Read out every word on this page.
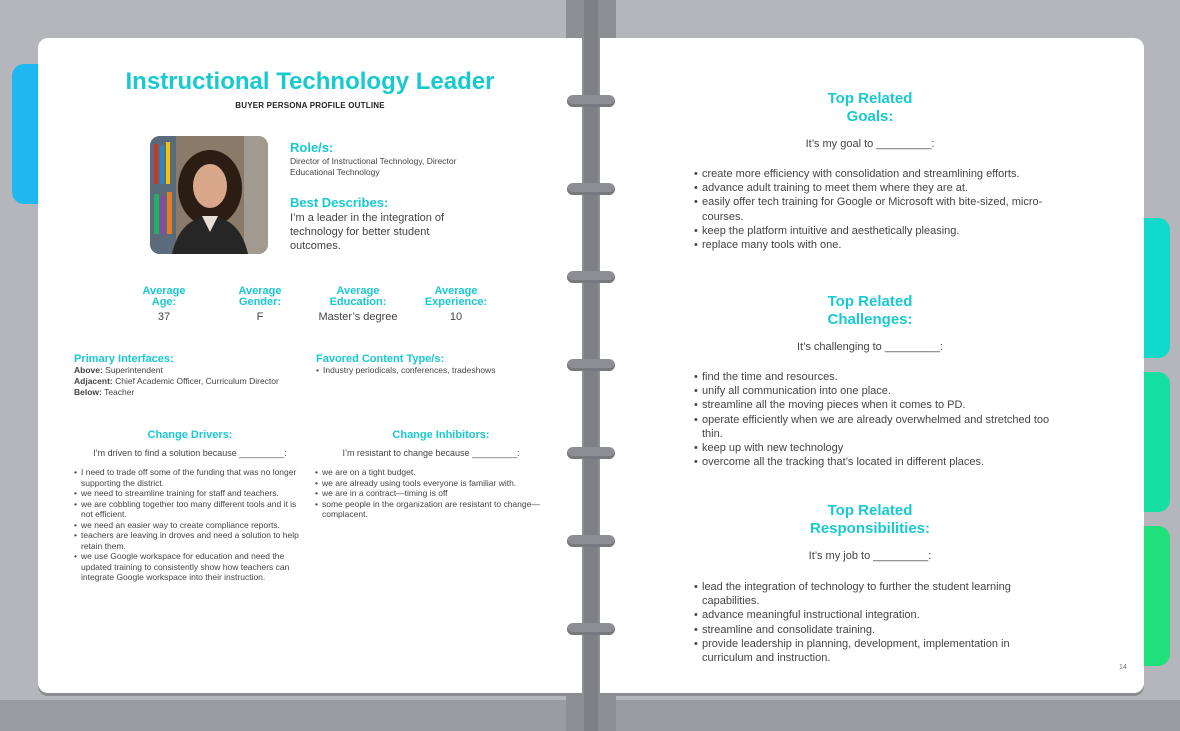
Instructional Technology Leader
BUYER PERSONA PROFILE OUTLINE
Role/s:
Director of Instructional Technology, Director Educational Technology
Best Describes:
I’m a leader in the integration of technology for better student outcomes.
Average
Age:
37
Average
Gender:
F
Average
Education:
Master’s degree
Average
Experience:
10
Primary Interfaces:
Above: Superintendent
Adjacent: Chief Academic Officer, Curriculum Director
Below: Teacher
Favored Content Type/s:
• Industry periodicals, conferences, tradeshows
Change Drivers:
I’m driven to find a solution because _________:
• I need to trade off some of the funding that was no longer supporting the district.
• we need to streamline training for staff and teachers.
• we are cobbling together too many different tools and it is not efficient.
• we need an easier way to create compliance reports.
• teachers are leaving in droves and need a solution to help retain them.
• we use Google workspace for education and need the updated training to consistently show how teachers can integrate Google workspace into their instruction.
Change Inhibitors:
I’m resistant to change because _________:
• we are on a tight budget.
• we are already using tools everyone is familiar with.
• we are in a contract—timing is off
• some people in the organization are resistant to change—complacent.
Top Related
Goals:
It’s my goal to _________:
• create more efficiency with consolidation and streamlining efforts.
• advance adult training to meet them where they are at.
• easily offer tech training for Google or Microsoft with bite-sized, micro-courses.
• keep the platform intuitive and aesthetically pleasing.
• replace many tools with one.
Top Related
Challenges:
It’s challenging to _________:
• find the time and resources.
• unify all communication into one place.
• streamline all the moving pieces when it comes to PD.
• operate efficiently when we are already overwhelmed and stretched too thin.
• keep up with new technology
• overcome all the tracking that’s located in different places.
Top Related
Responsibilities:
It’s my job to _________:
• lead the integration of technology to further the student learning capabilities.
• advance meaningful instructional integration.
• streamline and consolidate training.
• provide leadership in planning, development, implementation in curriculum and instruction.
14
